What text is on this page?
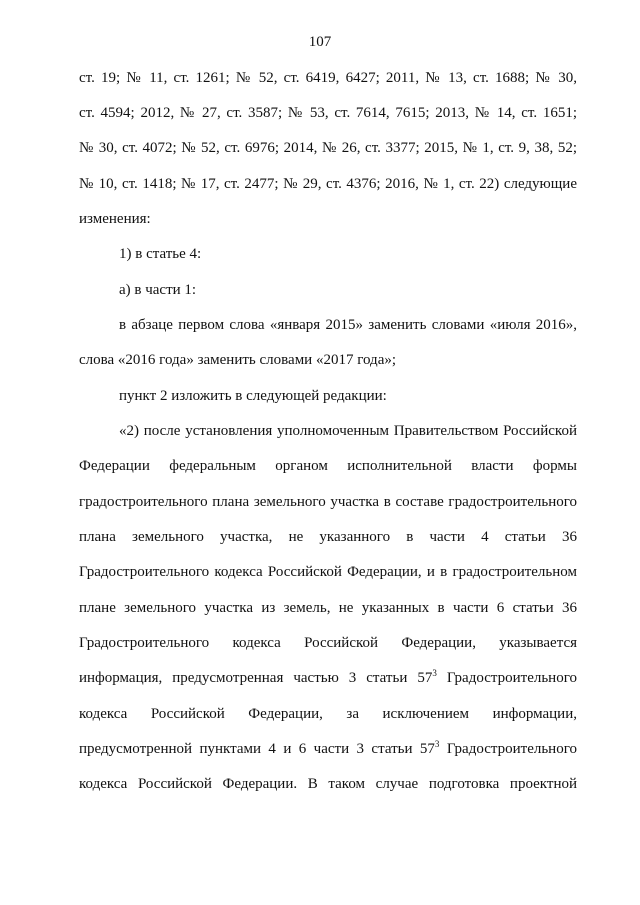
107
ст. 19; № 11, ст. 1261; № 52, ст. 6419, 6427; 2011, № 13, ст. 1688; № 30,
ст. 4594; 2012, № 27, ст. 3587; № 53, ст. 7614, 7615; 2013, № 14, ст. 1651;
№ 30, ст. 4072; № 52, ст. 6976; 2014, № 26, ст. 3377; 2015, № 1, ст. 9, 38, 52;
№ 10, ст. 1418; № 17, ст. 2477; № 29, ст. 4376; 2016, № 1, ст. 22) следующие
изменения:
1) в статье 4:
а) в части 1:
в абзаце первом слова «января 2015» заменить словами «июля 2016»,
слова «2016 года» заменить словами «2017 года»;
пункт 2 изложить в следующей редакции:
«2) после установления уполномоченным Правительством Российской
Федерации федеральным органом исполнительной власти формы
градостроительного плана земельного участка в составе градостроительного
плана земельного участка, не указанного в части 4 статьи 36
Градостроительного кодекса Российской Федерации, и в градостроительном
плане земельного участка из земель, не указанных в части 6 статьи 36
Градостроительного кодекса Российской Федерации, указывается
информация, предусмотренная частью 3 статьи $57^3$ Градостроительного
кодекса Российской Федерации, за исключением информации,
предусмотренной пунктами 4 и 6 части 3 статьи $57^3$ Градостроительного
кодекса Российской Федерации. В таком случае подготовка проектной
